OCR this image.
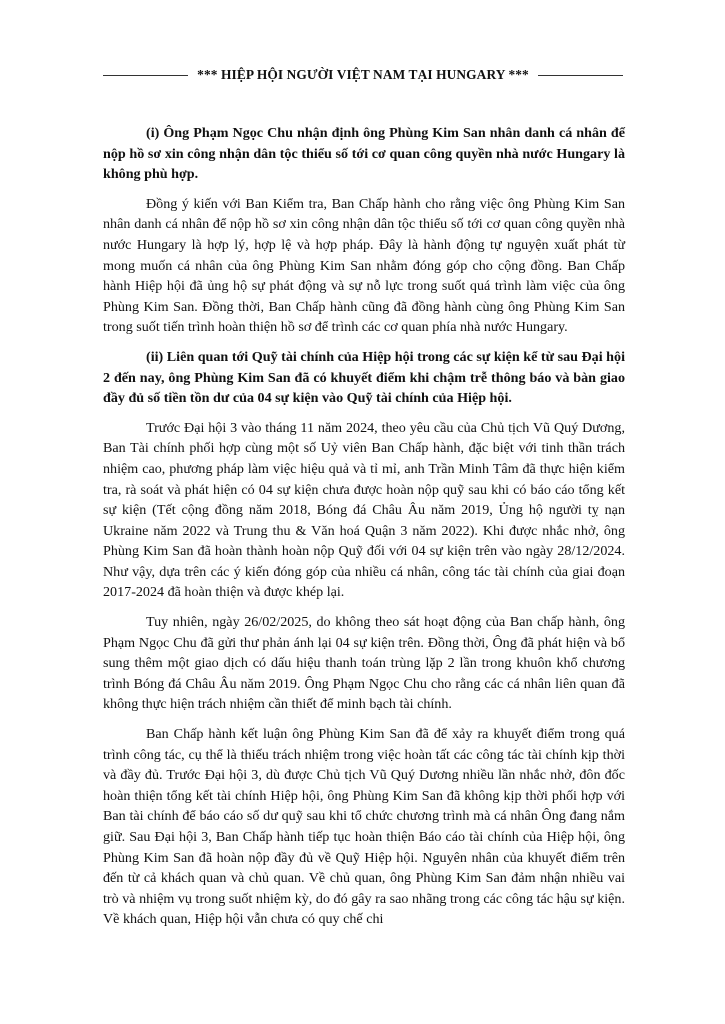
*** HIỆP HỘI NGƯỜI VIỆT NAM TẠI HUNGARY ***

(i) Ông Phạm Ngọc Chu nhận định ông Phùng Kim San nhân danh cá nhân để nộp hồ sơ xin công nhận dân tộc thiểu số tới cơ quan công quyền nhà nước Hungary là không phù hợp.

Đồng ý kiến với Ban Kiểm tra, Ban Chấp hành cho rằng việc ông Phùng Kim San nhân danh cá nhân để nộp hồ sơ xin công nhận dân tộc thiểu số tới cơ quan công quyền nhà nước Hungary là hợp lý, hợp lệ và hợp pháp. Đây là hành động tự nguyện xuất phát từ mong muốn cá nhân của ông Phùng Kim San nhằm đóng góp cho cộng đồng. Ban Chấp hành Hiệp hội đã ủng hộ sự phát động và sự nỗ lực trong suốt quá trình làm việc của ông Phùng Kim San. Đồng thời, Ban Chấp hành cũng đã đồng hành cùng ông Phùng Kim San trong suốt tiến trình hoàn thiện hồ sơ để trình các cơ quan phía nhà nước Hungary.

(ii) Liên quan tới Quỹ tài chính của Hiệp hội trong các sự kiện kể từ sau Đại hội 2 đến nay, ông Phùng Kim San đã có khuyết điểm khi chậm trễ thông báo và bàn giao đầy đủ số tiền tồn dư của 04 sự kiện vào Quỹ tài chính của Hiệp hội.

Trước Đại hội 3 vào tháng 11 năm 2024, theo yêu cầu của Chủ tịch Vũ Quý Dương, Ban Tài chính phối hợp cùng một số Uỷ viên Ban Chấp hành, đặc biệt với tinh thần trách nhiệm cao, phương pháp làm việc hiệu quả và tỉ mỉ, anh Trần Minh Tâm đã thực hiện kiểm tra, rà soát và phát hiện có 04 sự kiện chưa được hoàn nộp quỹ sau khi có báo cáo tổng kết sự kiện (Tết cộng đồng năm 2018, Bóng đá Châu Âu năm 2019, Ủng hộ người tỵ nạn Ukraine năm 2022 và Trung thu & Văn hoá Quận 3 năm 2022). Khi được nhắc nhở, ông Phùng Kim San đã hoàn thành hoàn nộp Quỹ đối với 04 sự kiện trên vào ngày 28/12/2024. Như vậy, dựa trên các ý kiến đóng góp của nhiều cá nhân, công tác tài chính của giai đoạn 2017-2024 đã hoàn thiện và được khép lại.

Tuy nhiên, ngày 26/02/2025, do không theo sát hoạt động của Ban chấp hành, ông Phạm Ngọc Chu đã gửi thư phản ánh lại 04 sự kiện trên. Đồng thời, Ông đã phát hiện và bổ sung thêm một giao dịch có dấu hiệu thanh toán trùng lặp 2 lần trong khuôn khổ chương trình Bóng đá Châu Âu năm 2019. Ông Phạm Ngọc Chu cho rằng các cá nhân liên quan đã không thực hiện trách nhiệm cần thiết để minh bạch tài chính.

Ban Chấp hành kết luận ông Phùng Kim San đã để xảy ra khuyết điểm trong quá trình công tác, cụ thể là thiếu trách nhiệm trong việc hoàn tất các công tác tài chính kịp thời và đầy đủ. Trước Đại hội 3, dù được Chủ tịch Vũ Quý Dương nhiều lần nhắc nhở, đôn đốc hoàn thiện tổng kết tài chính Hiệp hội, ông Phùng Kim San đã không kịp thời phối hợp với Ban tài chính để báo cáo số dư quỹ sau khi tổ chức chương trình mà cá nhân Ông đang nắm giữ. Sau Đại hội 3, Ban Chấp hành tiếp tục hoàn thiện Báo cáo tài chính của Hiệp hội, ông Phùng Kim San đã hoàn nộp đầy đủ về Quỹ Hiệp hội. Nguyên nhân của khuyết điểm trên đến từ cả khách quan và chủ quan. Về chủ quan, ông Phùng Kim San đảm nhận nhiều vai trò và nhiệm vụ trong suốt nhiệm kỳ, do đó gây ra sao nhãng trong các công tác hậu sự kiện. Về khách quan, Hiệp hội vẫn chưa có quy chế chi
